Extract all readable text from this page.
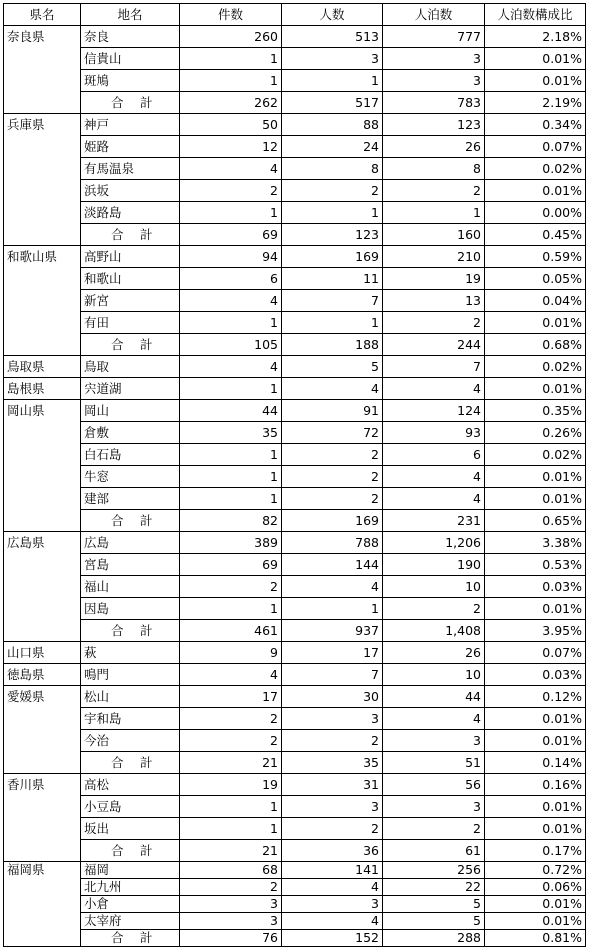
県名	地名	件数	人数	人泊数	人泊数構成比
奈良県	奈良	260	513	777	2.18%
	信貴山	1	3	3	0.01%
	斑鳩	1	1	3	0.01%
	合　計	262	517	783	2.19%
兵庫県	神戸	50	88	123	0.34%
	姫路	12	24	26	0.07%
	有馬温泉	4	8	8	0.02%
	浜坂	2	2	2	0.01%
	淡路島	1	1	1	0.00%
	合　計	69	123	160	0.45%
和歌山県	高野山	94	169	210	0.59%
	和歌山	6	11	19	0.05%
	新宮	4	7	13	0.04%
	有田	1	1	2	0.01%
	合　計	105	188	244	0.68%
鳥取県	鳥取	4	5	7	0.02%
島根県	宍道湖	1	4	4	0.01%
岡山県	岡山	44	91	124	0.35%
	倉敷	35	72	93	0.26%
	白石島	1	2	6	0.02%
	牛窓	1	2	4	0.01%
	建部	1	2	4	0.01%
	合　計	82	169	231	0.65%
広島県	広島	389	788	1,206	3.38%
	宮島	69	144	190	0.53%
	福山	2	4	10	0.03%
	因島	1	1	2	0.01%
	合　計	461	937	1,408	3.95%
山口県	萩	9	17	26	0.07%
徳島県	鳴門	4	7	10	0.03%
愛媛県	松山	17	30	44	0.12%
	宇和島	2	3	4	0.01%
	今治	2	2	3	0.01%
	合　計	21	35	51	0.14%
香川県	高松	19	31	56	0.16%
	小豆島	1	3	3	0.01%
	坂出	1	2	2	0.01%
	合　計	21	36	61	0.17%
福岡県	福岡	68	141	256	0.72%
	北九州	2	4	22	0.06%
	小倉	3	3	5	0.01%
	太宰府	3	4	5	0.01%
	合　計	76	152	288	0.81%
